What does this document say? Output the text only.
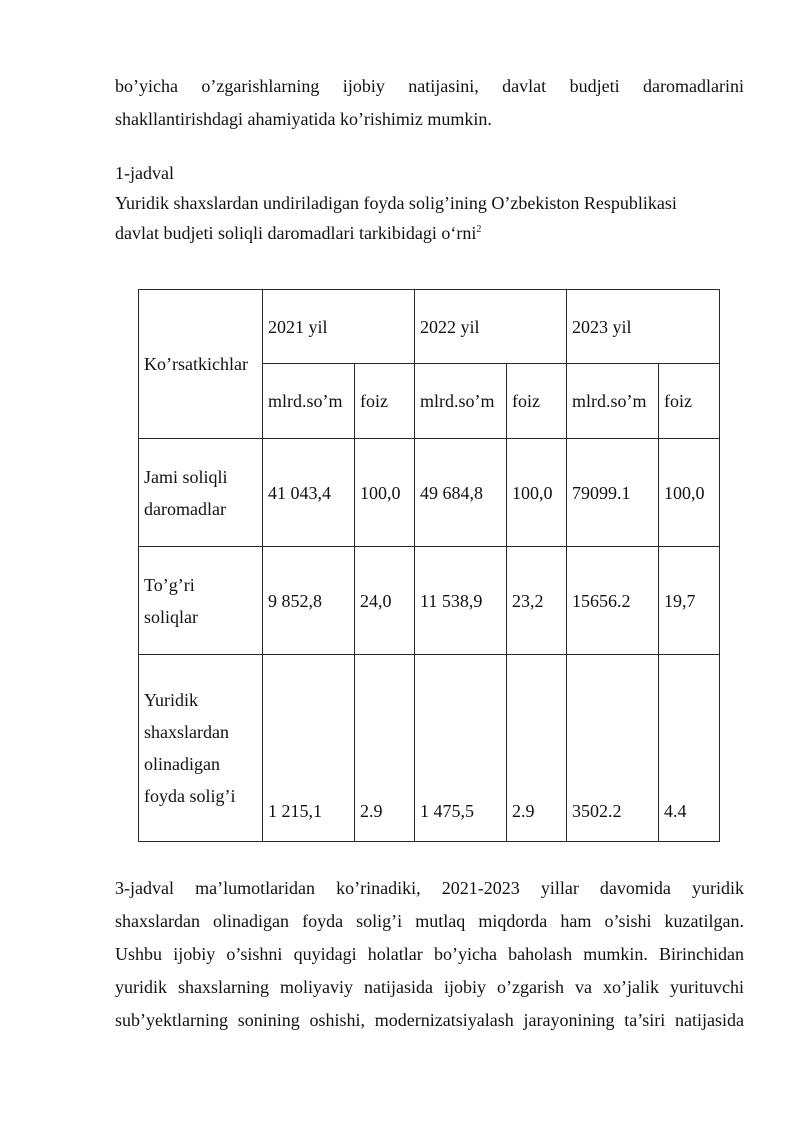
bo’yicha o’zgarishlarning ijobiy natijasini, davlat budjeti daromadlarini
shakllantirishdagi ahamiyatida ko’rishimiz mumkin.

1-jadval
Yuridik shaxslardan undiriladigan foyda solig’ining O’zbekiston Respublikasi
davlat budjeti soliqli daromadlari tarkibidagi o‘rni$^2$
Ko’rsatkichlar	2021 yil		2022 yil		2023 yil	
	mlrd.so’m	foiz	mlrd.so’m	foiz	mlrd.so’m	foiz

Jami soliqli
daromadlar	41 043,4	100,0	49 684,8	100,0	79099.1	100,0

To’g’ri
soliqlar	9 852,8	24,0	11 538,9	23,2	15656.2	19,7

Yuridik
shaxslardan
olinadigan
foyda solig’i	1 215,1	2.9	1 475,5	2.9	3502.2	4.4

3-jadval ma’lumotlaridan ko’rinadiki, 2021-2023 yillar davomida yuridik
shaxslardan olinadigan foyda solig’i mutlaq miqdorda ham o’sishi kuzatilgan.
Ushbu ijobiy o’sishni quyidagi holatlar bo’yicha baholash mumkin. Birinchidan
yuridik shaxslarning moliyaviy natijasida ijobiy o’zgarish va xo’jalik yurituvchi
sub’yektlarning sonining oshishi, modernizatsiyalash jarayonining ta’siri natijasida
